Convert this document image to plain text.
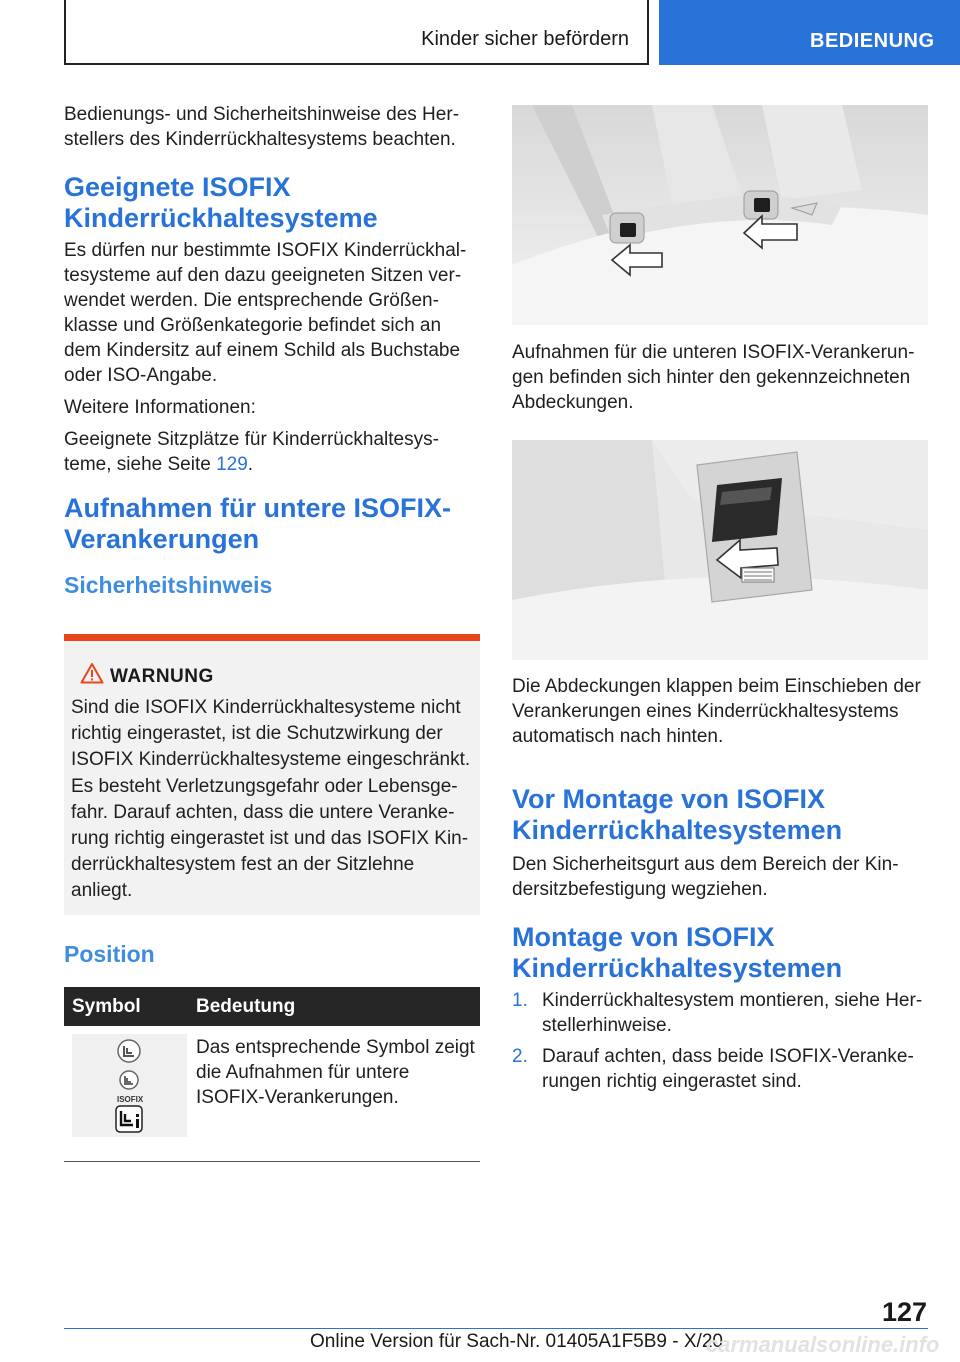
Kinder sicher befördern	BEDIENUNG

Bedienungs- und Sicherheitshinweise des Herstellers des Kinderrückhaltesystems beachten.

Geeignete ISOFIX Kinderrückhaltesysteme

Es dürfen nur bestimmte ISOFIX Kinderrückhaltesysteme auf den dazu geeigneten Sitzen verwendet werden. Die entsprechende Größenklasse und Größenkategorie befindet sich an dem Kindersitz auf einem Schild als Buchstabe oder ISO-Angabe.

Weitere Informationen:

Geeignete Sitzplätze für Kinderrückhaltesysteme, siehe Seite 129.

Aufnahmen für untere ISOFIX-Verankerungen
Sicherheitshinweis
WARNUNG
Sind die ISOFIX Kinderrückhaltesysteme nicht richtig eingerastet, ist die Schutzwirkung der ISOFIX Kinderrückhaltesysteme eingeschränkt. Es besteht Verletzungsgefahr oder Lebensgefahr. Darauf achten, dass die untere Verankerung richtig eingerastet ist und das ISOFIX Kinderrückhaltesystem fest an der Sitzlehne anliegt.
Position
Symbol	Bedeutung
ISOFIX
Das entsprechende Symbol zeigt die Aufnahmen für untere ISOFIX-Verankerungen.

Aufnahmen für die unteren ISOFIX-Verankerungen befinden sich hinter den gekennzeichneten Abdeckungen.

Die Abdeckungen klappen beim Einschieben der Verankerungen eines Kinderrückhaltesystems automatisch nach hinten.

Vor Montage von ISOFIX Kinderrückhaltesystemen

Den Sicherheitsgurt aus dem Bereich der Kindersitzbefestigung wegziehen.

Montage von ISOFIX Kinderrückhaltesystemen
1. Kinderrückhaltesystem montieren, siehe Herstellerhinweise.
2. Darauf achten, dass beide ISOFIX-Verankerungen richtig eingerastet sind.
127
Online Version für Sach-Nr. 01405A1F5B9 - X/20
carmanualsonline.info
